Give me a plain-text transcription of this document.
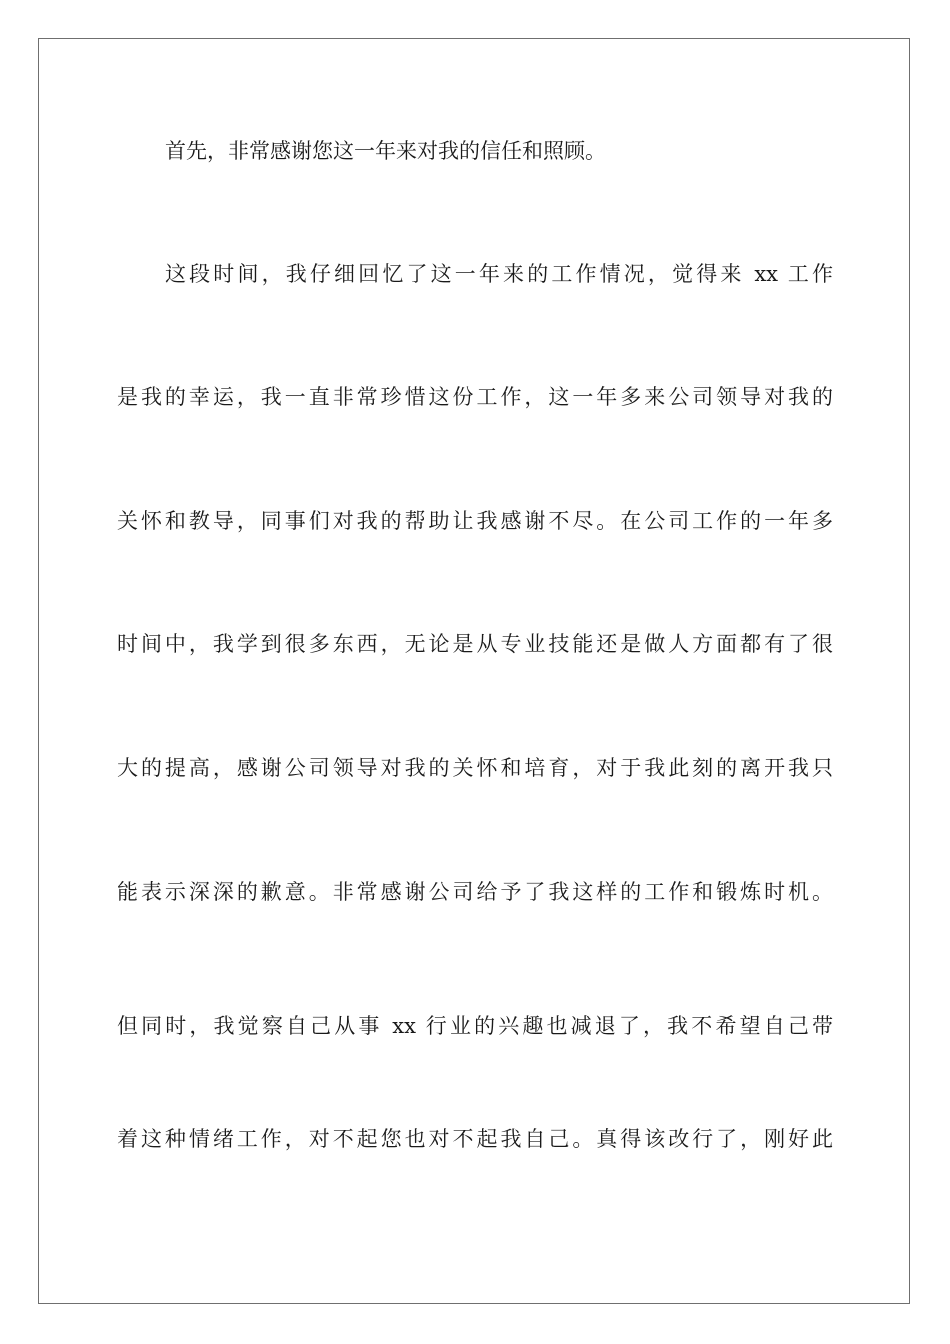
首先，非常感谢您这一年来对我的信任和照顾。
这段时间，我仔细回忆了这一年来的工作情况，觉得来 xx 工作
是我的幸运，我一直非常珍惜这份工作，这一年多来公司领导对我的
关怀和教导，同事们对我的帮助让我感谢不尽。在公司工作的一年多
时间中，我学到很多东西，无论是从专业技能还是做人方面都有了很
大的提高，感谢公司领导对我的关怀和培育，对于我此刻的离开我只
能表示深深的歉意。非常感谢公司给予了我这样的工作和锻炼时机。
但同时，我觉察自己从事 xx 行业的兴趣也减退了，我不希望自己带
着这种情绪工作，对不起您也对不起我自己。真得该改行了，刚好此
